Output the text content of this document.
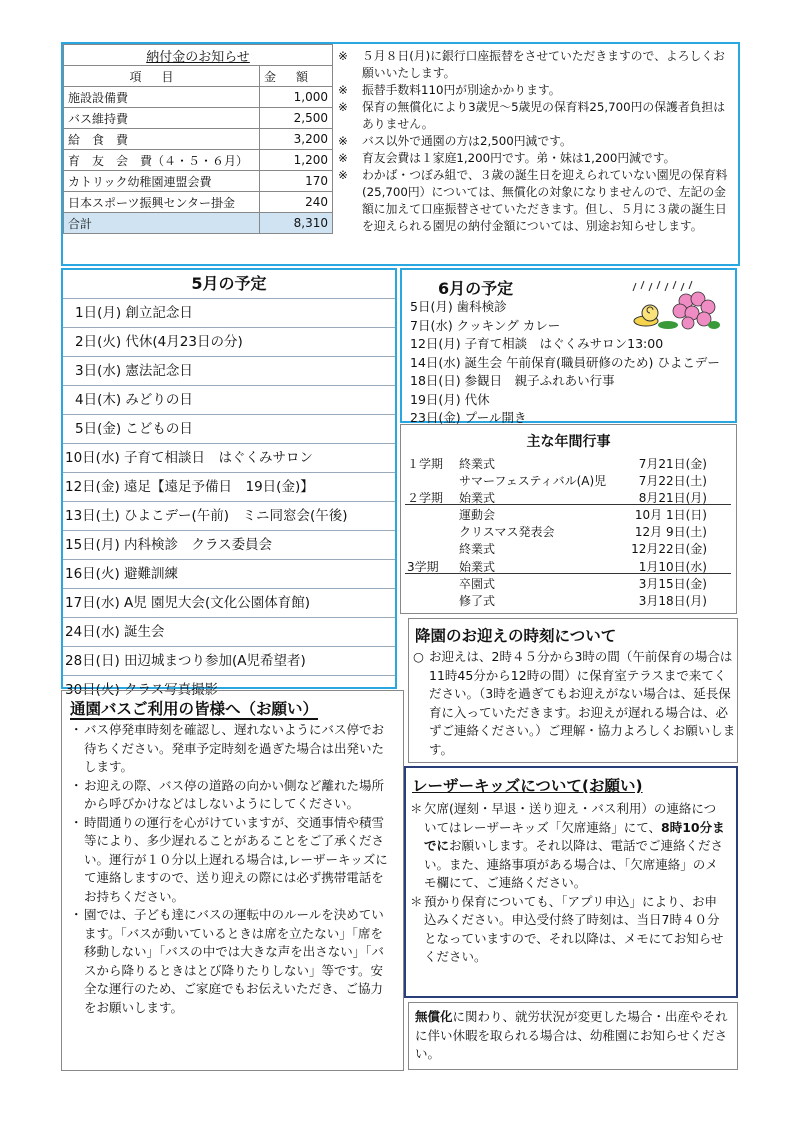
納付金のお知らせ	
項目	金額
施設設備費	1,000
バス維持費	2,500
給　食　費	3,200
育　友　会　費（４・５・６月）	1,200
カトリック幼稚園連盟会費	170
日本スポーツ振興センター掛金	240
合計	8,310
※	５月８日(月)に銀行口座振替をさせていただきますので、よろしくお願いいたします。
※	振替手数料110円が別途かかります。
※	保育の無償化により3歳児～5歳児の保育料25,700円の保護者負担はありません。
※	バス以外で通園の方は2,500円減です。
※	育友会費は１家庭1,200円です。弟・妹は1,200円減です。
※	わかば・つぼみ組で、３歳の誕生日を迎えられていない園児の保育料(25,700円）については、無償化の対象になりませんので、左記の金額に加えて口座振替させていただきます。但し、５月に３歳の誕生日を迎えられる園児の納付金額については、別途お知らせします。
5月の予定
1日(月) 創立記念日
2日(火) 代休(4月23日の分)
3日(水) 憲法記念日
4日(木) みどりの日
5日(金) こどもの日
10日(水) 子育て相談日　はぐくみサロン
12日(金) 遠足【遠足予備日　19日(金)】
13日(土) ひよこデー(午前)　ミニ同窓会(午後)
15日(月) 内科検診　クラス委員会
16日(火) 避難訓練
17日(水) A児 園児大会(文化公園体育館)
24日(水) 誕生会
28日(日) 田辺城まつり参加(A児希望者)
30日(火) クラス写真撮影
6月の予定
5日(月) 歯科検診
7日(水) クッキング カレー
12日(月) 子育て相談　はぐくみサロン13:00
14日(水) 誕生会 午前保育(職員研修のため) ひよこデー
18日(日) 参観日　親子ふれあい行事
19日(月) 代休
23日(金) プール開き
主な年間行事
１学期 終業式	7月21日(金)
サマーフェスティバル(A)児	7月22日(土)
２学期 始業式	8月21日(月)
運動会	10月 1日(日)
クリスマス発表会	12月 9日(土)
終業式	12月22日(金)
3学期 始業式	1月10日(水)
卒園式	3月15日(金)
修了式	3月18日(月)
降園のお迎えの時刻について
○ お迎えは、2時４５分から3時の間（午前保育の場合は11時45分から12時の間）に保育室テラスまで来てください。（3時を過ぎてもお迎えがない場合は、延長保育に入っていただきます。お迎えが遅れる場合は、必ずご連絡ください。）ご理解・協力よろしくお願いします。
レーザーキッズについて(お願い)
＊ 欠席(遅刻・早退・送り迎え・バス利用）の連絡についてはレーザーキッズ「欠席連絡」にて、8時10分までにお願いします。それ以降は、電話でご連絡ください。また、連絡事項がある場合は、「欠席連絡」のメモ欄にて、ご連絡ください。
＊ 預かり保育についても、「アプリ申込」により、お申込みください。申込受付終了時刻は、当日7時４０分となっていますので、それ以降は、メモにてお知らせください。
無償化に関わり、就労状況が変更した場合・出産やそれに伴い休暇を取られる場合は、幼稚園にお知らせください。
通園バスご利用の皆様へ（お願い）
・ バス停発車時刻を確認し、遅れないようにバス停でお待ちください。発車予定時刻を過ぎた場合は出発いたします。
・ お迎えの際、バス停の道路の向かい側など離れた場所から呼びかけなどはしないようにしてください。
・ 時間通りの運行を心がけていますが、交通事情や積雪等により、多少遅れることがあることをご了承ください。運行が１０分以上遅れる場合は,レーザーキッズにて連絡しますので、送り迎えの際には必ず携帯電話をお持ちください。
・ 園では、子ども達にバスの運転中のルールを決めています。「バスが動いているときは席を立たない」「席を移動しない」「バスの中では大きな声を出さない」「バスから降りるときはとび降りたりしない」等です。安全な運行のため、ご家庭でもお伝えいただき、ご協力をお願いします。
